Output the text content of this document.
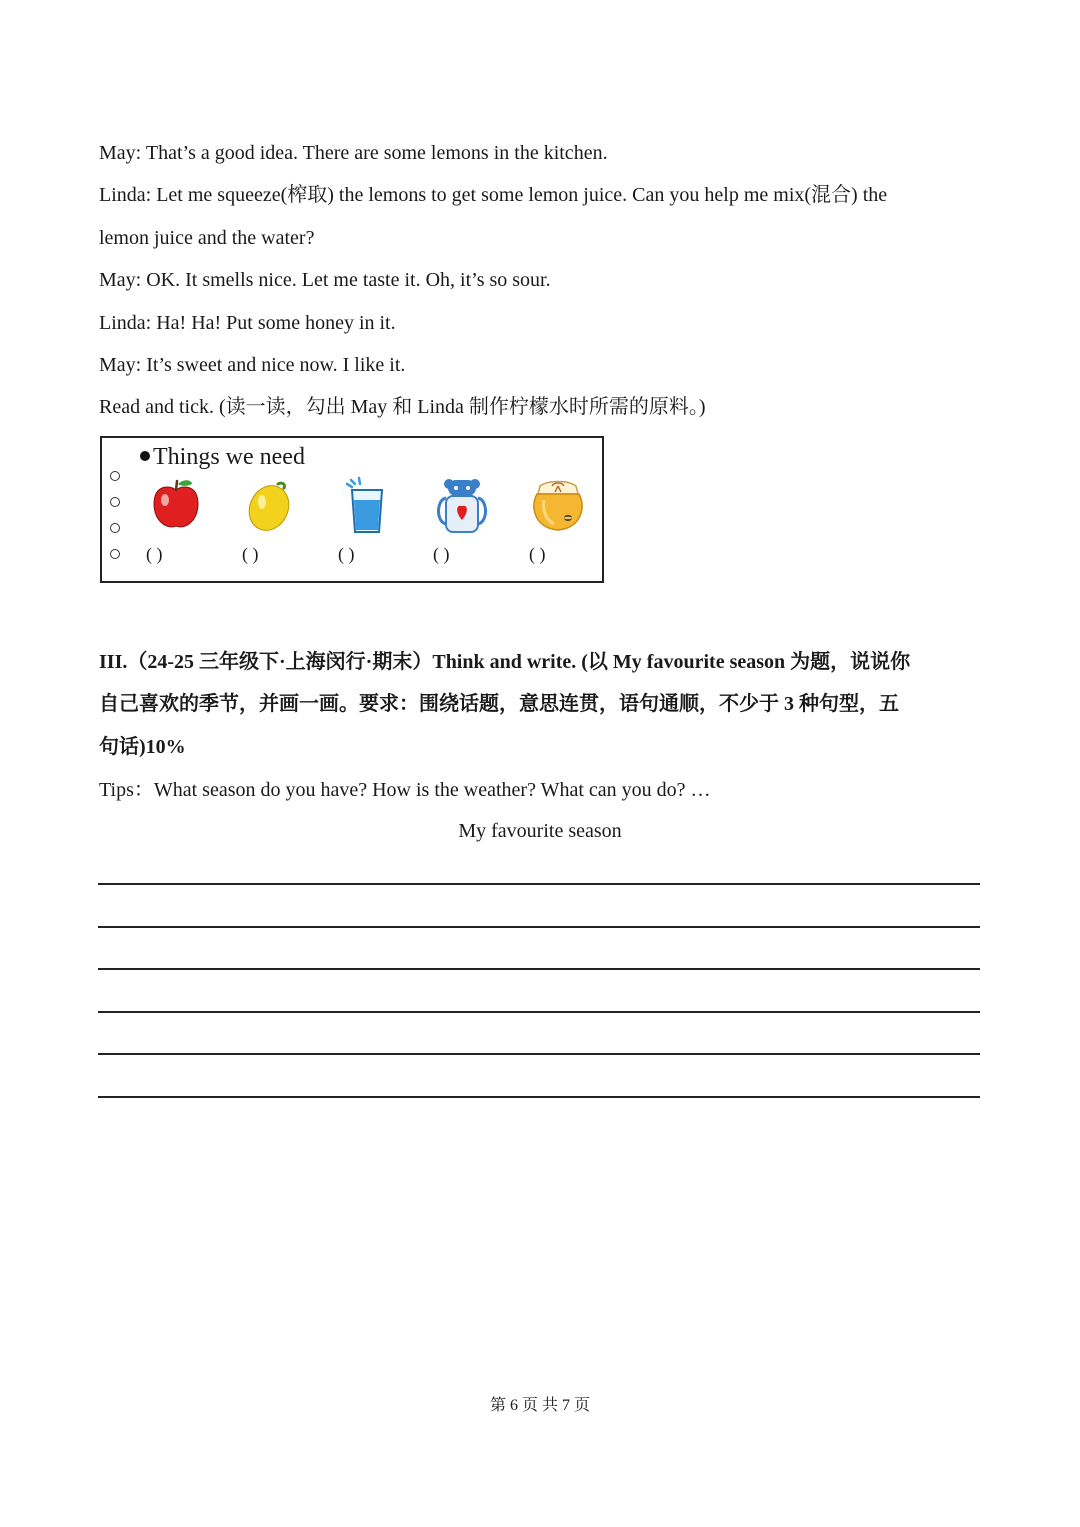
May: That’s a good idea. There are some lemons in the kitchen.
Linda: Let me squeeze(榨取) the lemons to get some lemon juice. Can you help me mix(混合) the
lemon juice and the water?
May: OK. It smells nice. Let me taste it. Oh, it’s so sour.
Linda: Ha! Ha! Put some honey in it.
May: It’s sweet and nice now. I like it.
Read and tick. (读一读，勾出 May 和 Linda 制作柠檬水时所需的原料。)
Things we need
( )	( )	( )	( )	( )
III.（24-25 三年级下·上海闵行·期末）Think and write. (以 My favourite season 为题，说说你
自己喜欢的季节，并画一画。要求：围绕话题，意思连贯，语句通顺，不少于 3 种句型，五
句话)10%
Tips：What season do you have? How is the weather? What can you do? …
My favourite season
第 6 页 共 7 页
